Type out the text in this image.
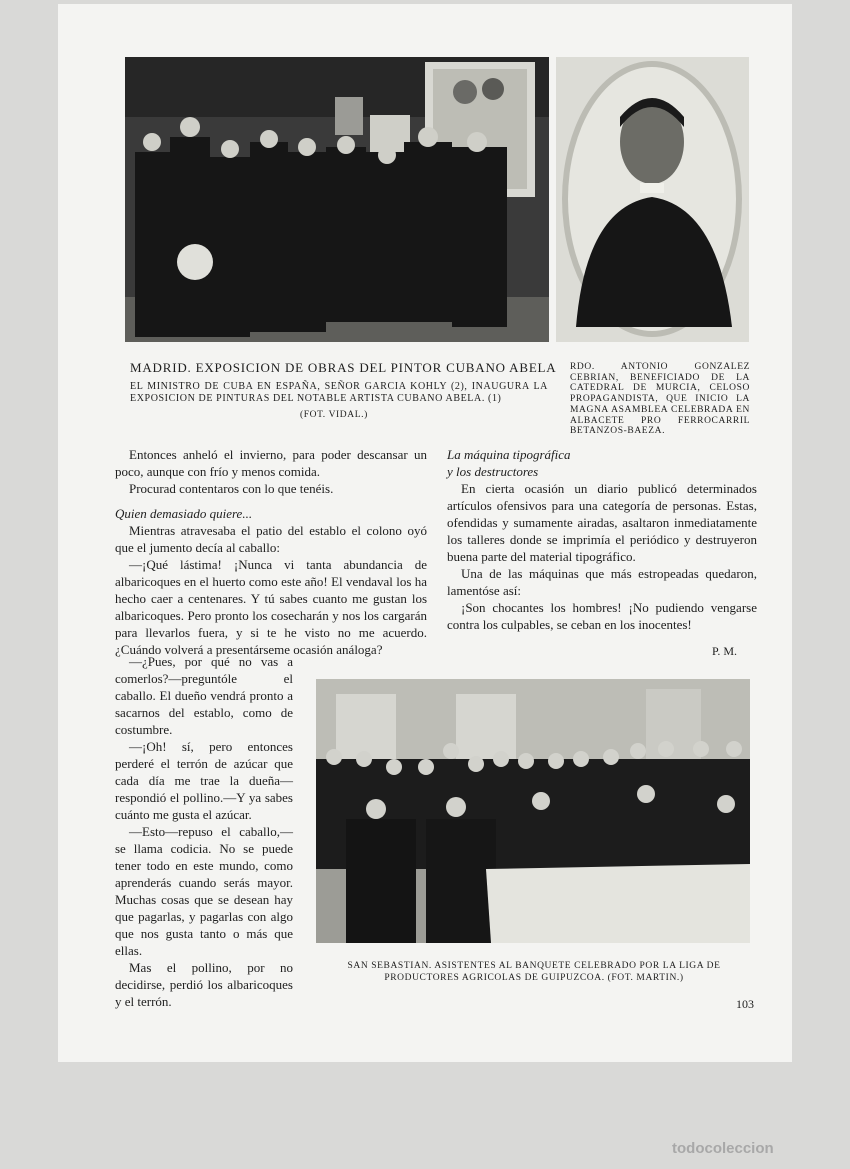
MADRID. EXPOSICION DE OBRAS DEL PINTOR CUBANO ABELA
EL MINISTRO DE CUBA EN ESPAÑA, SEÑOR GARCIA KOHLY (2), INAUGURA LA EXPOSICION DE PINTURAS DEL NOTABLE ARTISTA CUBANO ABELA. (1)
(FOT. VIDAL.)
RDO. ANTONIO GONZALEZ CEBRIAN, BENEFICIADO DE LA CATEDRAL DE MURCIA, CELOSO PROPAGANDISTA, QUE INICIO LA MAGNA ASAMBLEA CELEBRADA EN ALBACETE PRO FERROCARRIL BETANZOS-BAEZA.

Entonces anheló el invierno, para poder descansar un poco, aunque con frío y menos comida.

Procurad contentaros con lo que tenéis.

Quien demasiado quiere...

Mientras atravesaba el patio del establo el colono oyó que el jumento decía al caballo:

—¡Qué lástima! ¡Nunca vi tanta abundancia de albaricoques en el huerto como este año! El vendaval los ha hecho caer a centenares. Y tú sabes cuanto me gustan los albaricoques. Pero pronto los cosecharán y nos los cargarán para llevarlos fuera, y si te he visto no me acuerdo. ¿Cuándo volverá a presentárseme ocasión análoga?

—¿Pues, por qué no vas a comerlos?—preguntóle el caballo. El dueño vendrá pronto a sacarnos del establo, como de costumbre.

—¡Oh! sí, pero entonces perderé el terrón de azúcar que cada día me trae la dueña—respondió el pollino.—Y ya sabes cuánto me gusta el azúcar.

—Esto—repuso el caballo,—se llama codicia. No se puede tener todo en este mundo, como aprenderás cuando serás mayor. Muchas cosas que se desean hay que pagarlas, y pagarlas con algo que nos gusta tanto o más que ellas.

Mas el pollino, por no decidirse, perdió los albaricoques y el terrón.

La máquina tipográfica

y los destructores

En cierta ocasión un diario publicó determinados artículos ofensivos para una categoría de personas. Estas, ofendidas y sumamente airadas, asaltaron inmediatamente los talleres donde se imprimía el periódico y destruyeron buena parte del material tipográfico.

Una de las máquinas que más estropeadas quedaron, lamentóse así:

¡Son chocantes los hombres! ¡No pudiendo vengarse contra los culpables, se ceban en los inocentes!

P. M.
SAN SEBASTIAN. ASISTENTES AL BANQUETE CELEBRADO POR LA LIGA DE PRODUCTORES AGRICOLAS DE GUIPUZCOA. (FOT. MARTIN.)
103
todocoleccion
